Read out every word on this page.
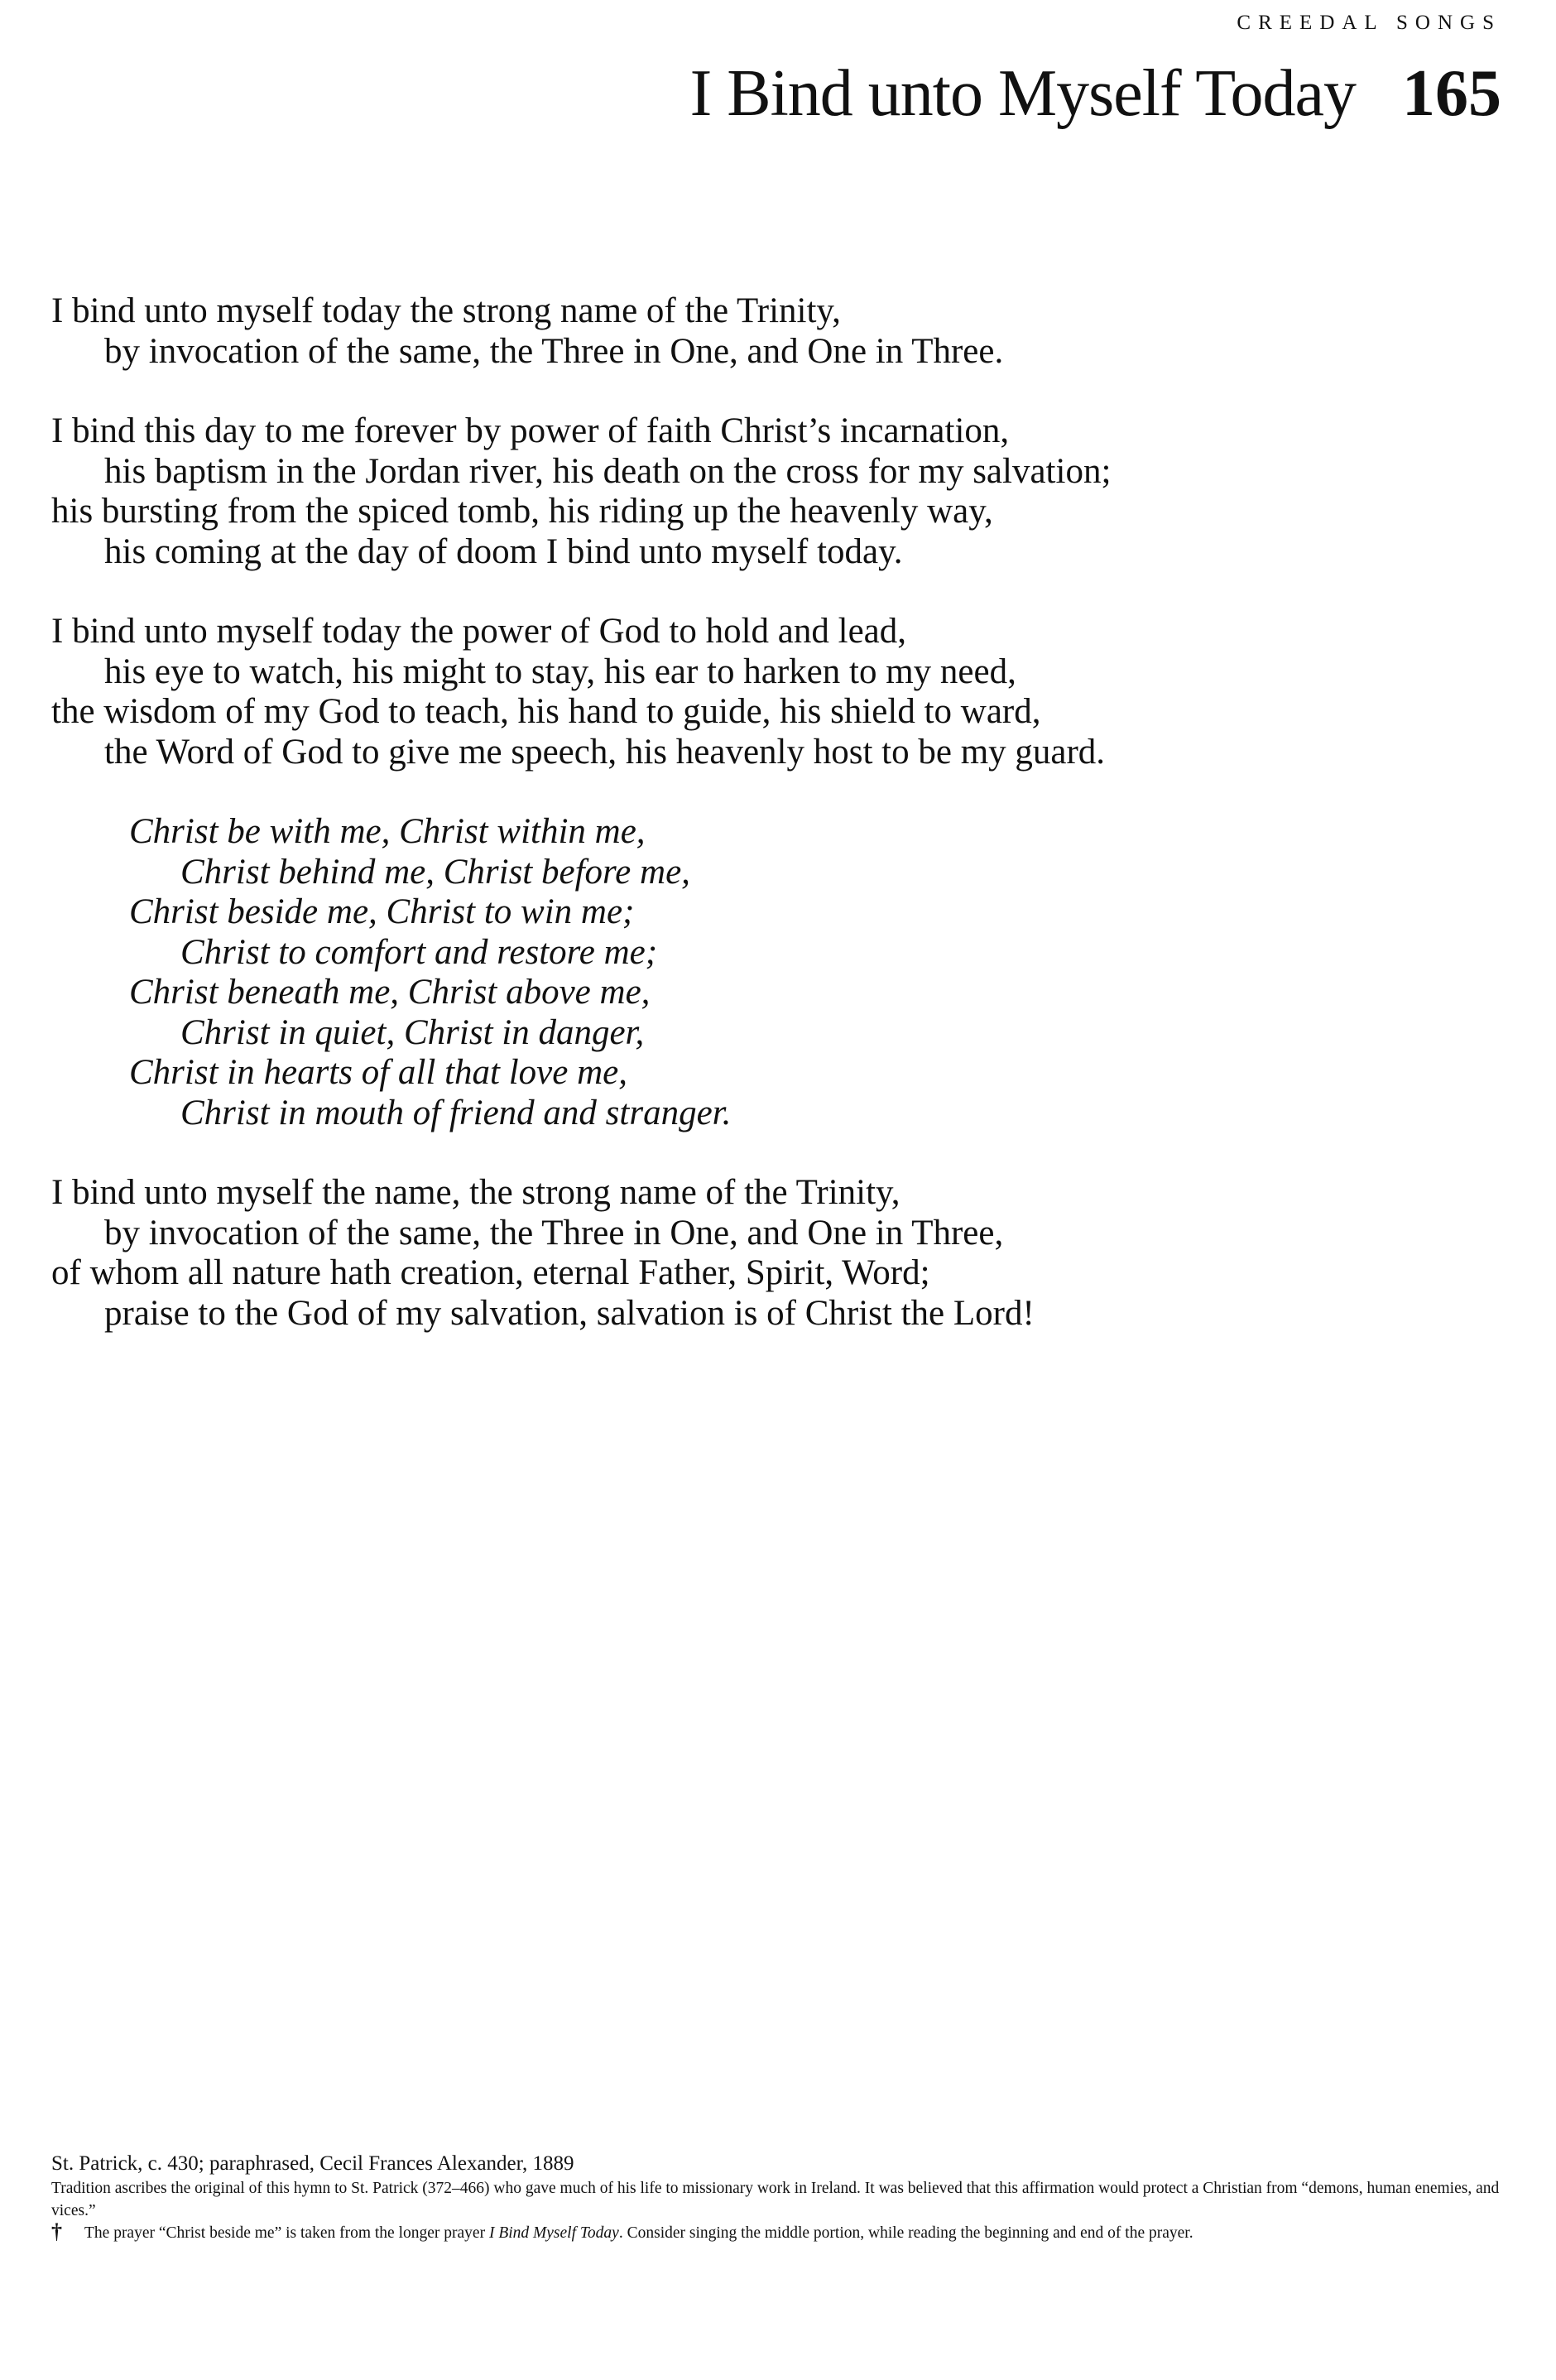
CREEDAL SONGS
I Bind unto Myself Today 165
I bind unto myself today the strong name of the Trinity,
by invocation of the same, the Three in One, and One in Three.
I bind this day to me forever by power of faith Christ’s incarnation,
his baptism in the Jordan river, his death on the cross for my salvation;
his bursting from the spiced tomb, his riding up the heavenly way,
his coming at the day of doom I bind unto myself today.
I bind unto myself today the power of God to hold and lead,
his eye to watch, his might to stay, his ear to harken to my need,
the wisdom of my God to teach, his hand to guide, his shield to ward,
the Word of God to give me speech, his heavenly host to be my guard.
Christ be with me, Christ within me,
Christ behind me, Christ before me,
Christ beside me, Christ to win me;
Christ to comfort and restore me;
Christ beneath me, Christ above me,
Christ in quiet, Christ in danger,
Christ in hearts of all that love me,
Christ in mouth of friend and stranger.
I bind unto myself the name, the strong name of the Trinity,
by invocation of the same, the Three in One, and One in Three,
of whom all nature hath creation, eternal Father, Spirit, Word;
praise to the God of my salvation, salvation is of Christ the Lord!
St. Patrick, c. 430; paraphrased, Cecil Frances Alexander, 1889
Tradition ascribes the original of this hymn to St. Patrick (372–466) who gave much of his life to missionary work in Ireland. It was believed that this affirmation would protect a Christian from “demons, human enemies, and vices.”
† The prayer “Christ beside me” is taken from the longer prayer I Bind Myself Today. Consider singing the middle portion, while reading the beginning and end of the prayer.
